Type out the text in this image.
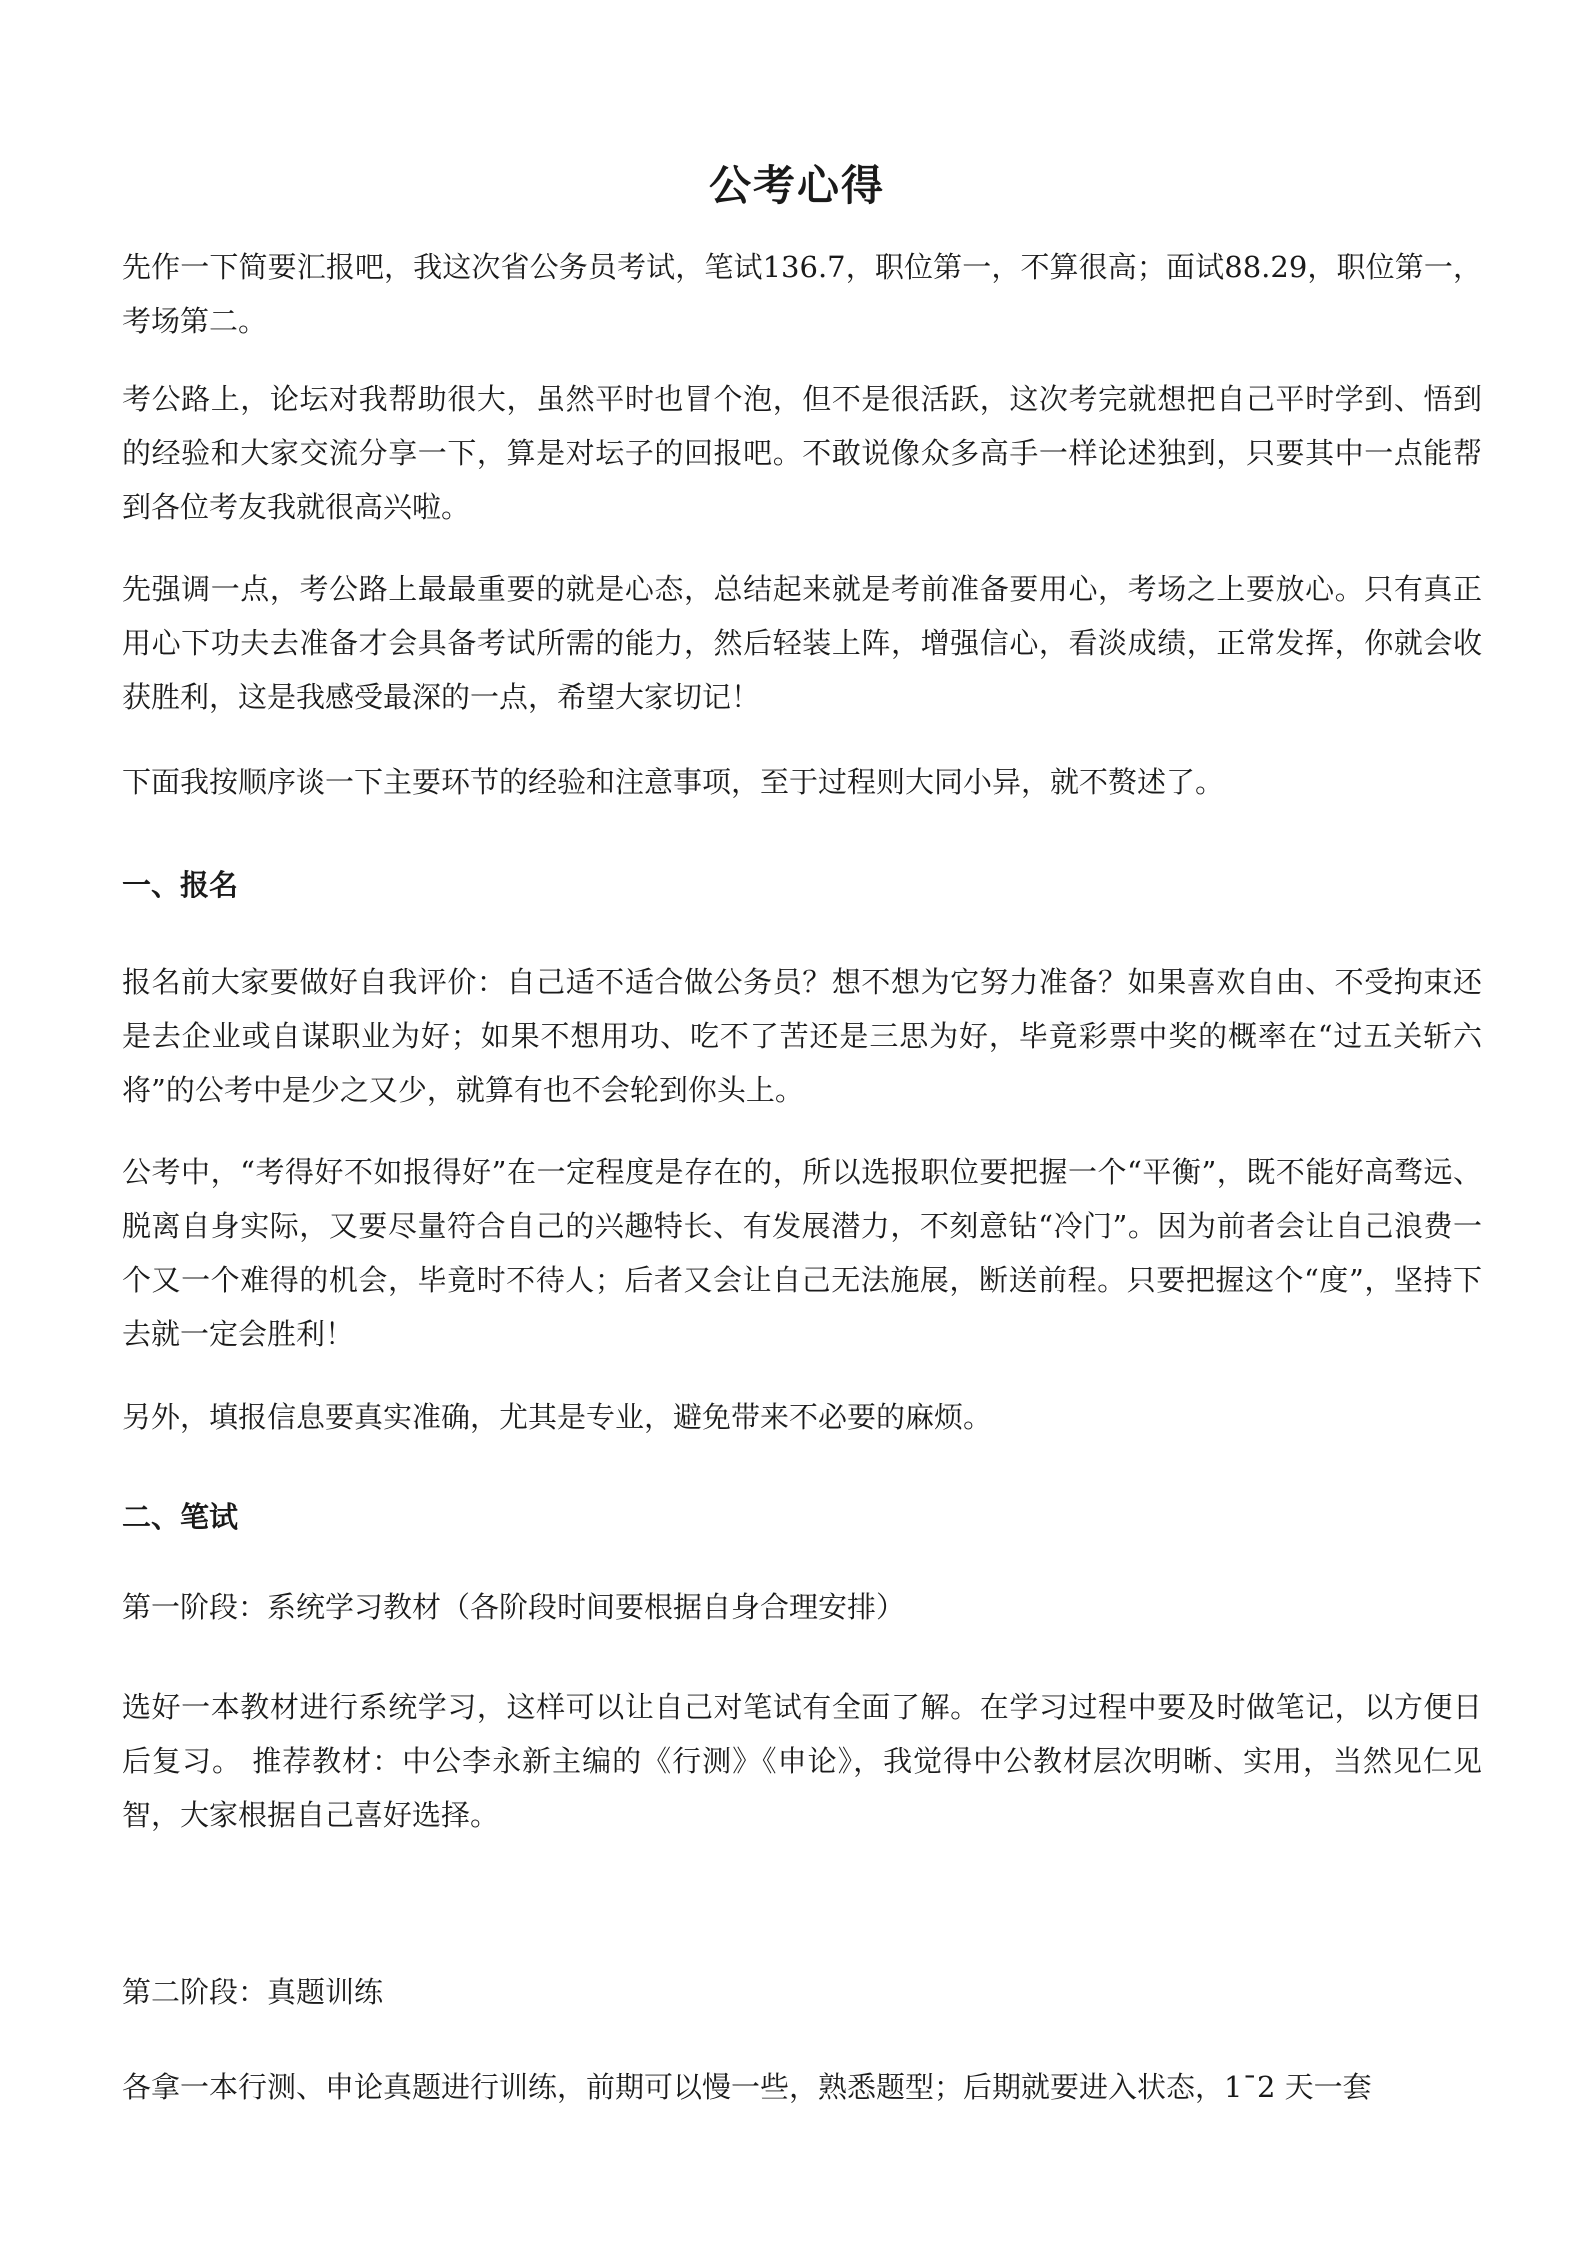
公考心得

先作一下简要汇报吧，我这次省公务员考试，笔试136.7，职位第一，不算很高；面试88.29，职位第一，考场第二。

考公路上，论坛对我帮助很大，虽然平时也冒个泡，但不是很活跃，这次考完就想把自己平时学到、悟到的经验和大家交流分享一下，算是对坛子的回报吧。不敢说像众多高手一样论述独到，只要其中一点能帮到各位考友我就很高兴啦。

先强调一点，考公路上最最重要的就是心态，总结起来就是考前准备要用心，考场之上要放心。只有真正用心下功夫去准备才会具备考试所需的能力，然后轻装上阵，增强信心，看淡成绩，正常发挥，你就会收获胜利，这是我感受最深的一点，希望大家切记！

下面我按顺序谈一下主要环节的经验和注意事项，至于过程则大同小异，就不赘述了。

一、报名

报名前大家要做好自我评价：自己适不适合做公务员？想不想为它努力准备？如果喜欢自由、不受拘束还是去企业或自谋职业为好；如果不想用功、吃不了苦还是三思为好，毕竟彩票中奖的概率在“过五关斩六将”的公考中是少之又少，就算有也不会轮到你头上。

公考中，“考得好不如报得好”在一定程度是存在的，所以选报职位要把握一个“平衡”，既不能好高骛远、脱离自身实际，又要尽量符合自己的兴趣特长、有发展潜力，不刻意钻“冷门”。因为前者会让自己浪费一个又一个难得的机会，毕竟时不待人；后者又会让自己无法施展，断送前程。只要把握这个“度”，坚持下去就一定会胜利！

另外，填报信息要真实准确，尤其是专业，避免带来不必要的麻烦。

二、笔试

第一阶段：系统学习教材（各阶段时间要根据自身合理安排）

选好一本教材进行系统学习，这样可以让自己对笔试有全面了解。在学习过程中要及时做笔记，以方便日后复习。 推荐教材：中公李永新主编的《行测》《申论》，我觉得中公教材层次明晰、实用，当然见仁见智，大家根据自己喜好选择。

第二阶段：真题训练

各拿一本行测、申论真题进行训练，前期可以慢一些，熟悉题型；后期就要进入状态，1¯2 天一套
